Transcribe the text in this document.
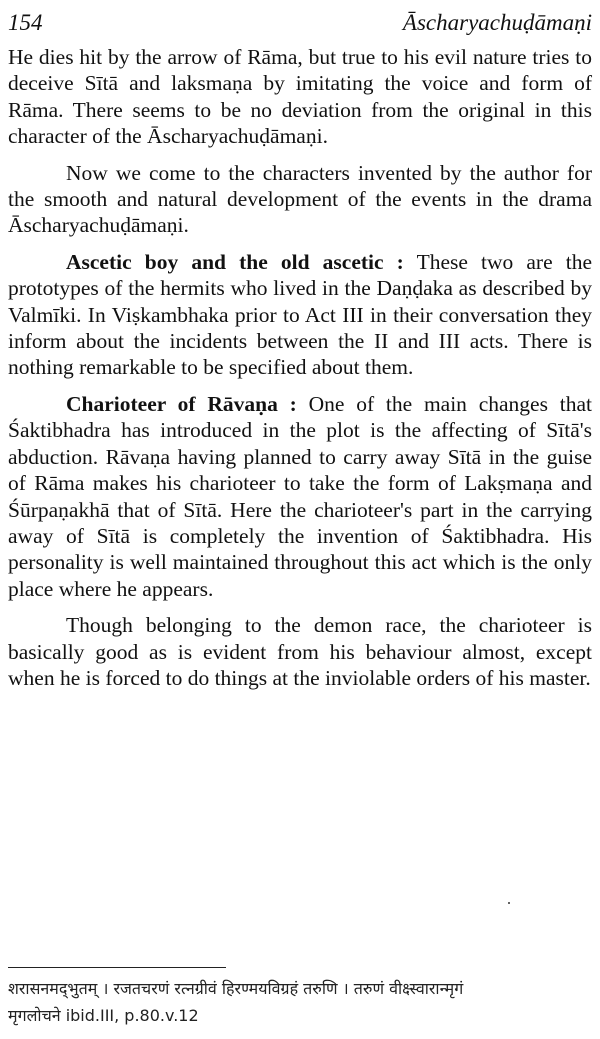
154	Āscharyachuḍāmaṇi

He dies hit by the arrow of Rāma, but true to his evil nature tries to deceive Sītā and laksmaṇa by imitating the voice and form of Rāma. There seems to be no deviation from the original in this character of the Āscharyachuḍāmaṇi.

Now we come to the characters invented by the author for the smooth and natural development of the events in the drama Āscharyachuḍāmaṇi.

Ascetic boy and the old ascetic : These two are the prototypes of the hermits who lived in the Daṇḍaka as described by Valmīki. In Viṣkambhaka prior to Act III in their conversation they inform about the incidents between the II and III acts. There is nothing remarkable to be specified about them.

Charioteer of Rāvaṇa : One of the main changes that Śaktibhadra has introduced in the plot is the affecting of Sītā's abduction. Rāvaṇa having planned to carry away Sītā in the guise of Rāma makes his charioteer to take the form of Lakṣmaṇa and Śūrpaṇakhā that of Sītā. Here the charioteer's part in the carrying away of Sītā is completely the invention of Śaktibhadra. His personality is well maintained throughout this act which is the only place where he appears.

Though belonging to the demon race, the charioteer is basically good as is evident from his behaviour almost, except when he is forced to do things at the inviolable orders of his master.

शरासनमद्‌भुतम् । रजतचरणं रत्नग्रीवं हिरण्मयविग्रहं तरुणि । तरुणं वीक्ष्स्वारान्मृगं
मृगलोचने ibid.III, p.80.v.12
